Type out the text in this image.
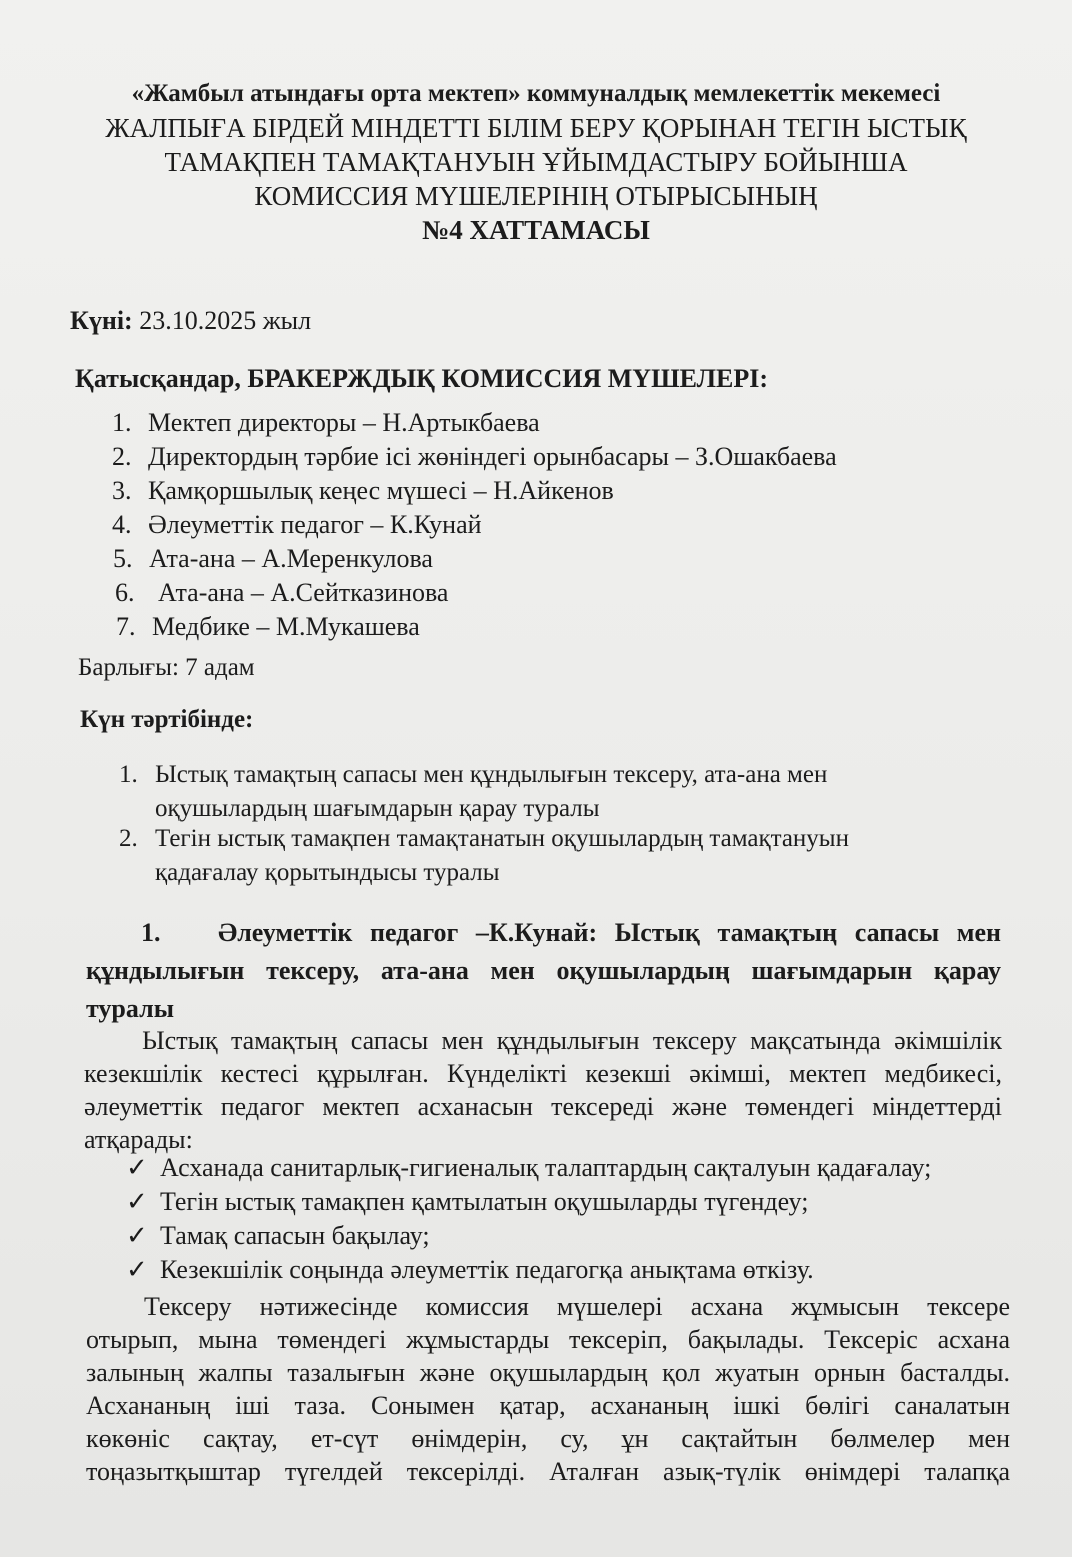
«Жамбыл атындағы орта мектеп» коммуналдық мемлекеттік мекемесі
ЖАЛПЫҒА БІРДЕЙ МІНДЕТТІ БІЛІМ БЕРУ ҚОРЫНАН ТЕГІН ЫСТЫҚ
ТАМАҚПЕН ТАМАҚТАНУЫН ҰЙЫМДАСТЫРУ БОЙЫНША
КОМИССИЯ МҮШЕЛЕРІНІҢ ОТЫРЫСЫНЫҢ
№4 ХАТТАМАСЫ
Күні: 23.10.2025 жыл
Қатысқандар, БРАКЕРЖДЫҚ КОМИССИЯ МҮШЕЛЕРІ:
1. Мектеп директоры – Н.Артыкбаева
2. Директордың тәрбие ісі жөніндегі орынбасары – З.Ошакбаева
3. Қамқоршылық кеңес мүшесі – Н.Айкенов
4. Әлеуметтік педагог – К.Кунай
5. Ата-ана – А.Меренкулова
6. Ата-ана – А.Сейтказинова
7. Медбике – М.Мукашева
Барлығы: 7 адам
Күн тәртібінде:
1. Ыстық тамақтың сапасы мен құндылығын тексеру, ата-ана мен
оқушылардың шағымдарын қарау туралы
2. Тегін ыстық тамақпен тамақтанатын оқушылардың тамақтануын
қадағалау қорытындысы туралы
1. Әлеуметтік педагог –К.Кунай: Ыстық тамақтың сапасы мен
құндылығын тексеру, ата-ана мен оқушылардың шағымдарын қарау
туралы
Ыстық тамақтың сапасы мен құндылығын тексеру мақсатында әкімшілік
кезекшілік кестесі құрылған. Күнделікті кезекші әкімші, мектеп медбикесі,
әлеуметтік педагог мектеп асханасын тексереді және төмендегі міндеттерді
атқарады:
✓ Асханада санитарлық-гигиеналық талаптардың сақталуын қадағалау;
✓ Тегін ыстық тамақпен қамтылатын оқушыларды түгендеу;
✓ Тамақ сапасын бақылау;
✓ Кезекшілік соңында әлеуметтік педагогқа анықтама өткізу.
Тексеру нәтижесінде комиссия мүшелері асхана жұмысын тексере
отырып, мына төмендегі жұмыстарды тексеріп, бақылады. Тексеріс асхана
залының жалпы тазалығын және оқушылардың қол жуатын орнын басталды.
Асхананың іші таза. Сонымен қатар, асхананың ішкі бөлігі саналатын
көкөніс сақтау, ет-сүт өнімдерін, су, ұн сақтайтын бөлмелер мен
тоңазытқыштар түгелдей тексерілді. Аталған азық-түлік өнімдері талапқа
